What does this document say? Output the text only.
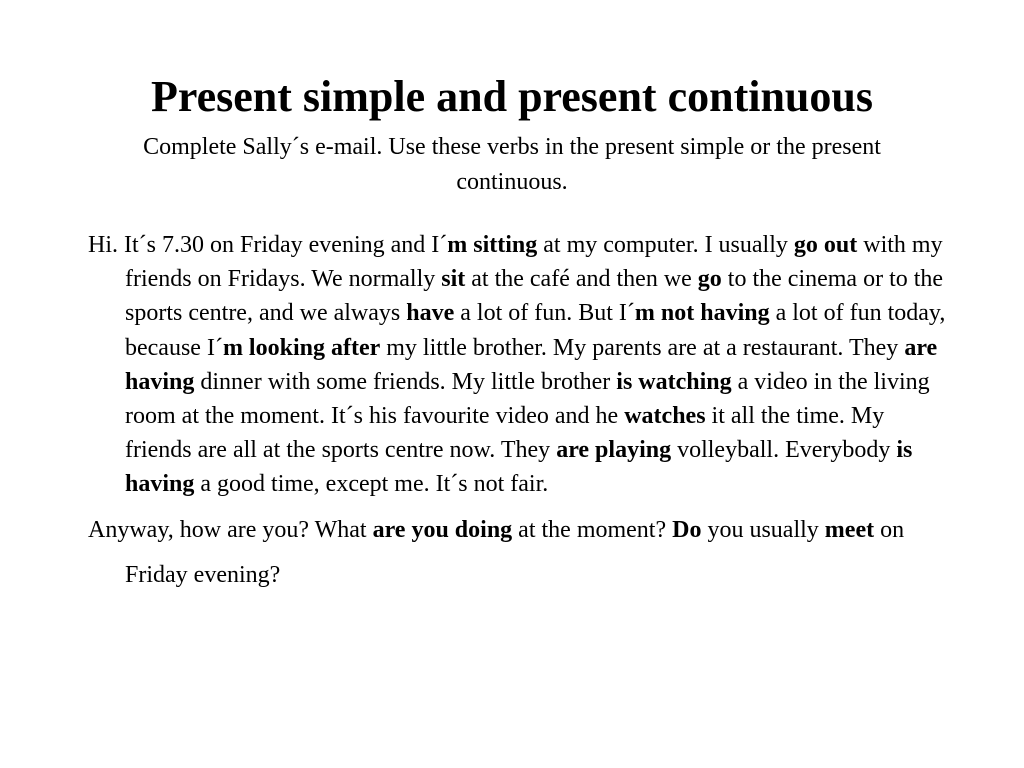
Present simple and present continuous

Complete Sally´s e-mail. Use these verbs in the present simple or the present continuous.

Hi. It´s 7.30 on Friday evening and I´m sitting at my computer. I usually go out with my friends on Fridays. We normally sit at the café and then we go to the cinema or to the sports centre, and we always have a lot of fun. But I´m not having a lot of fun today, because I´m looking after my little brother. My parents are at a restaurant. They are having dinner with some friends. My little brother is watching a video in the living room at the moment. It´s his favourite video and he watches it all the time. My friends are all at the sports centre now. They are playing volleyball. Everybody is having a good time, except me. It´s not fair.

Anyway, how are you? What are you doing at the moment? Do you usually meet on Friday evening?
